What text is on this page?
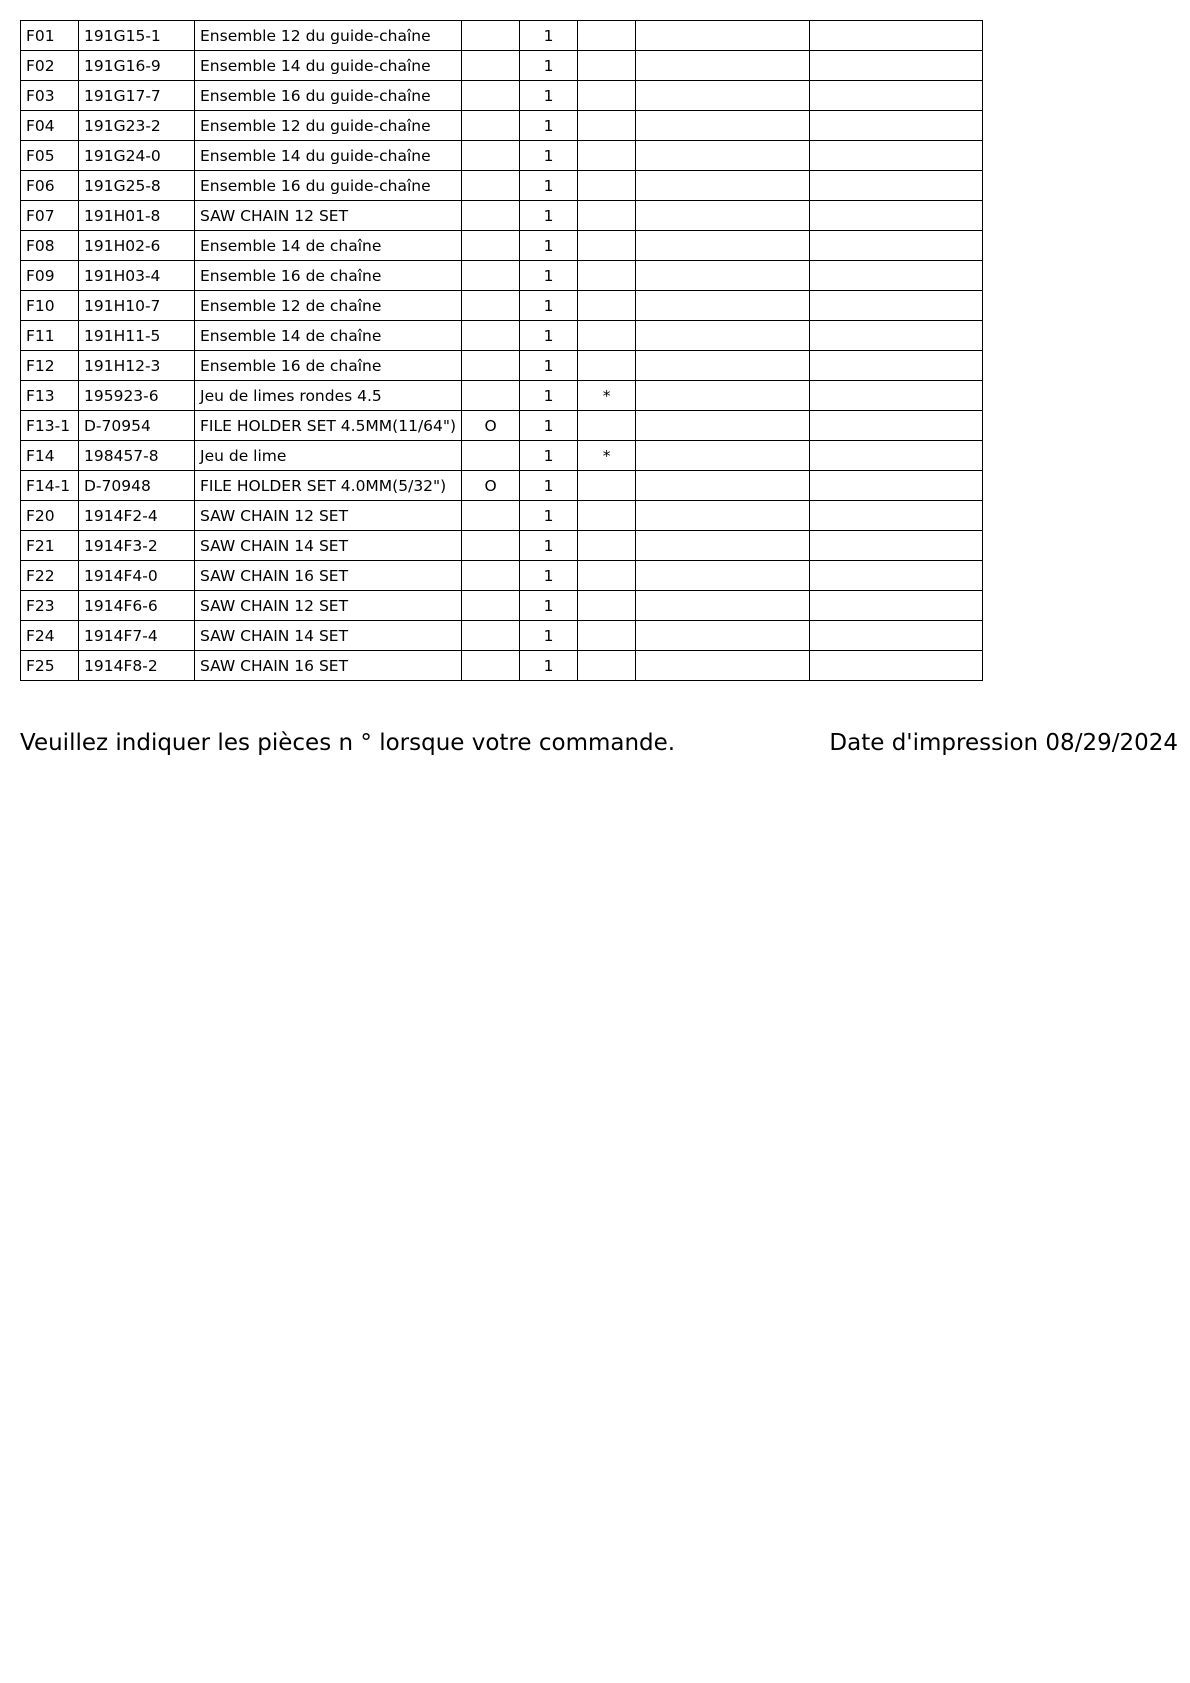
F01	191G15-1	Ensemble 12 du guide-chaîne		1			
F02	191G16-9	Ensemble 14 du guide-chaîne		1			
F03	191G17-7	Ensemble 16 du guide-chaîne		1			
F04	191G23-2	Ensemble 12 du guide-chaîne		1			
F05	191G24-0	Ensemble 14 du guide-chaîne		1			
F06	191G25-8	Ensemble 16 du guide-chaîne		1			
F07	191H01-8	SAW CHAIN 12 SET		1			
F08	191H02-6	Ensemble 14 de chaîne		1			
F09	191H03-4	Ensemble 16 de chaîne		1			
F10	191H10-7	Ensemble 12 de chaîne		1			
F11	191H11-5	Ensemble 14 de chaîne		1			
F12	191H12-3	Ensemble 16 de chaîne		1			
F13	195923-6	Jeu de limes rondes 4.5		1	*		
F13-1	D-70954	FILE HOLDER SET 4.5MM(11/64")	O	1			
F14	198457-8	Jeu de lime		1	*		
F14-1	D-70948	FILE HOLDER SET 4.0MM(5/32")	O	1			
F20	1914F2-4	SAW CHAIN 12 SET		1			
F21	1914F3-2	SAW CHAIN 14 SET		1			
F22	1914F4-0	SAW CHAIN 16 SET		1			
F23	1914F6-6	SAW CHAIN 12 SET		1			
F24	1914F7-4	SAW CHAIN 14 SET		1			
F25	1914F8-2	SAW CHAIN 16 SET		1			
Veuillez indiquer les pièces n ° lorsque votre commande.	Date d'impression 08/29/2024
